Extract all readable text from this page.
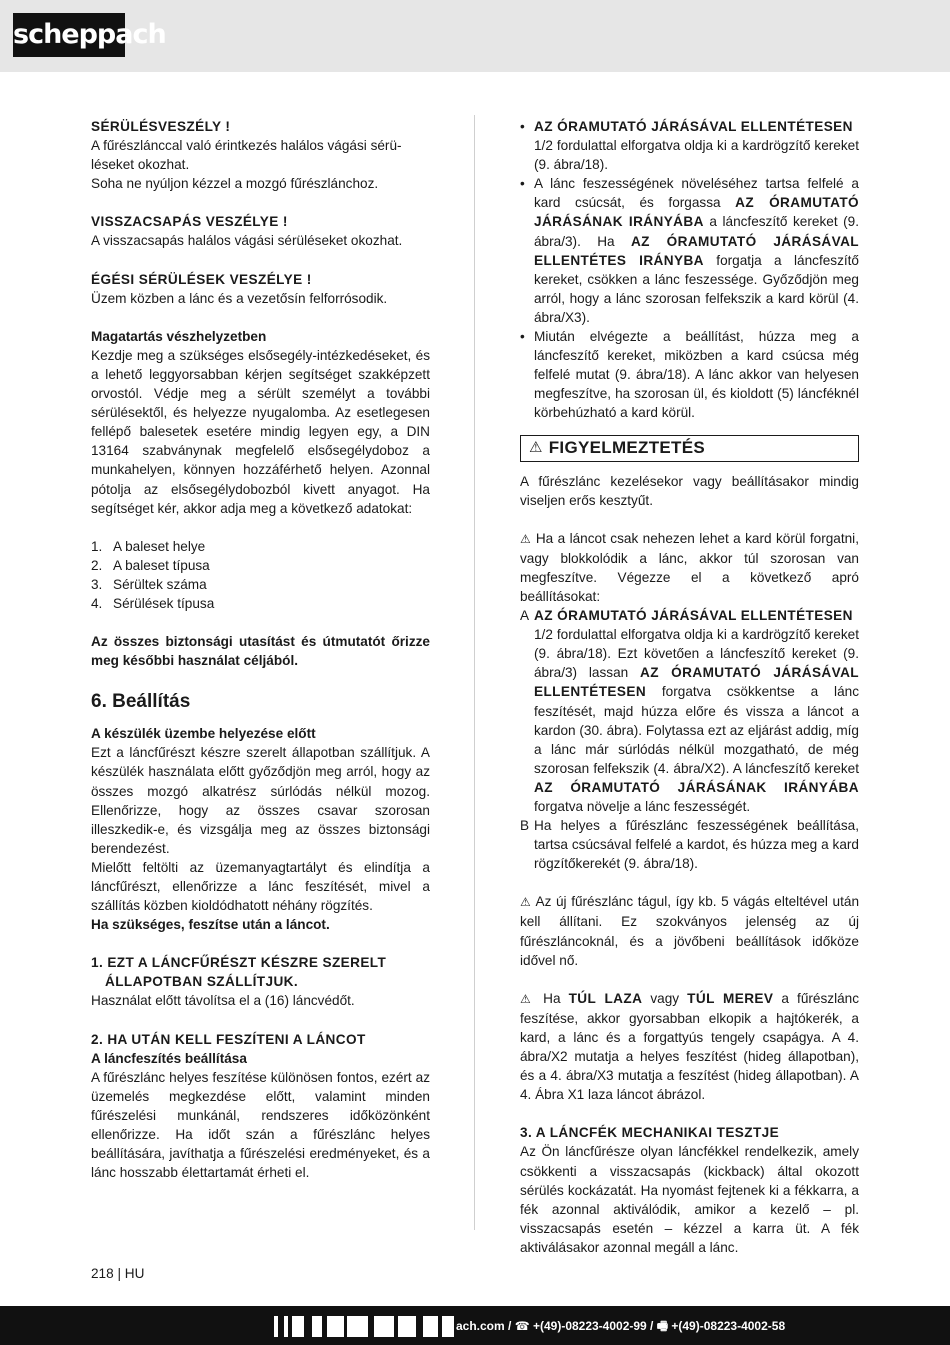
scheppach

SÉRÜLÉSVESZÉLY !

A fűrészlánccal való érintkezés halálos vágási sérü-

léseket okozhat.

Soha ne nyúljon kézzel a mozgó fűrészlánchoz.

VISSZACSAPÁS VESZÉLYE !

A visszacsapás halálos vágási sérüléseket okozhat.

ÉGÉSI SÉRÜLÉSEK VESZÉLYE !

Üzem közben a lánc és a vezetősín felforrósodik.

Magatartás vészhelyzetben

Kezdje meg a szükséges elsősegély-intézkedéseket, és a lehető leggyorsabban kérjen segítséget szakképzett orvostól. Védje meg a sérült személyt a további sérülésektől, és helyezze nyugalomba. Az esetlegesen fellépő balesetek esetére mindig legyen egy, a DIN 13164 szabványnak megfelelő elsősegélydoboz a munkahelyen, könnyen hozzáférhető helyen. Azonnal pótolja az elsősegélydobozból kivett anyagot. Ha segítséget kér, akkor adja meg a következő adatokat:

1. A baleset helye
2. A baleset típusa
3. Sérültek száma
4. Sérülések típusa

Az összes biztonsági utasítást és útmutatót őrizze meg későbbi használat céljából.

6. Beállítás

A készülék üzembe helyezése előtt

Ezt a láncfűrészt készre szerelt állapotban szállítjuk. A készülék használata előtt győződjön meg arról, hogy az összes mozgó alkatrész súrlódás nélkül mozog. Ellenőrizze, hogy az összes csavar szorosan illeszkedik-e, és vizsgálja meg az összes biztonsági berendezést.

Mielőtt feltölti az üzemanyagtartályt és elindítja a láncfűrészt, ellenőrizze a lánc feszítését, mivel a szállítás közben kioldódhatott néhány rögzítés.

Ha szükséges, feszítse után a láncot.

1. EZT A LÁNCFŰRÉSZT KÉSZRE SZERELT ÁLLAPOTBAN SZÁLLÍTJUK.

Használat előtt távolítsa el a (16) láncvédőt.

2. HA UTÁN KELL FESZÍTENI A LÁNCOT

A láncfeszítés beállítása

A fűrészlánc helyes feszítése különösen fontos, ezért az üzemelés megkezdése előtt, valamint minden fűrészelési munkánál, rendszeres időközönként ellenőrizze. Ha időt szán a fűrészlánc helyes beállítására, javíthatja a fűrészelési eredményeket, és a lánc hosszabb élettartamát érheti el.

• AZ ÓRAMUTATÓ JÁRÁSÁVAL ELLENTÉTESEN
1/2 fordulattal elforgatva oldja ki a kardrögzítő kereket (9. ábra/18).
• A lánc feszességének növeléséhez tartsa felfelé a kard csúcsát, és forgassa AZ ÓRAMUTATÓ JÁRÁSÁNAK IRÁNYÁBA a láncfeszítő kereket (9. ábra/3). Ha AZ ÓRAMUTATÓ JÁRÁSÁVAL ELLENTÉTES IRÁNYBA forgatja a láncfeszítő kereket, csökken a lánc feszessége. Győződjön meg arról, hogy a lánc szorosan felfekszik a kard körül (4. ábra/X3).
• Miután elvégezte a beállítást, húzza meg a láncfeszítő kereket, miközben a kard csúcsa még felfelé mutat (9. ábra/18). A lánc akkor van helyesen megfeszítve, ha szorosan ül, és kioldott (5) láncféknél körbehúzható a kard körül.
⚠ FIGYELMEZTETÉS

A fűrészlánc kezelésekor vagy beállításakor mindig viseljen erős kesztyűt.

⚠ Ha a láncot csak nehezen lehet a kard körül forgatni, vagy blokkolódik a lánc, akkor túl szorosan van megfeszítve. Végezze el a következő apró beállításokat:

A AZ ÓRAMUTATÓ JÁRÁSÁVAL ELLENTÉTESEN
1/2 fordulattal elforgatva oldja ki a kardrögzítő kereket (9. ábra/18). Ezt követően a láncfeszítő kereket (9. ábra/3) lassan AZ ÓRAMUTATÓ JÁRÁSÁVAL ELLENTÉTESEN forgatva csökkentse a lánc feszítését, majd húzza előre és vissza a láncot a kardon (30. ábra). Folytassa ezt az eljárást addig, míg a lánc már súrlódás nélkül mozgatható, de még szorosan felfekszik (4. ábra/X2). A láncfeszítő kereket AZ ÓRAMUTATÓ JÁRÁSÁNAK IRÁNYÁBA forgatva növelje a lánc feszességét.
B Ha helyes a fűrészlánc feszességének beállítása, tartsa csúcsával felfelé a kardot, és húzza meg a kard rögzítőkerekét (9. ábra/18).

⚠ Az új fűrészlánc tágul, így kb. 5 vágás elteltével után kell állítani. Ez szokványos jelenség az új fűrészláncoknál, és a jövőbeni beállítások időköze idővel nő.

⚠ Ha TÚL LAZA vagy TÚL MEREV a fűrészlánc feszítése, akkor gyorsabban elkopik a hajtókerék, a kard, a lánc és a forgattyús tengely csapágya. A 4. ábra/X2 mutatja a helyes feszítést (hideg állapotban), és a 4. ábra/X3 mutatja a feszítést (hideg állapotban). A 4. Ábra X1 laza láncot ábrázol.

3. A LÁNCFÉK MECHANIKAI TESZTJE

Az Ön láncfűrésze olyan láncfékkel rendelkezik, amely csökkenti a visszacsapás (kickback) által okozott sérülés kockázatát. Ha nyomást fejtenek ki a fékkarra, a fék azonnal aktiválódik, amikor a kezelő – pl. visszacsapás esetén – kézzel a karra üt. A fék aktiválásakor azonnal megáll a lánc.

218 | HU
ach.com / ☎ +(49)-08223-4002-99 / 🖷 +(49)-08223-4002-58
